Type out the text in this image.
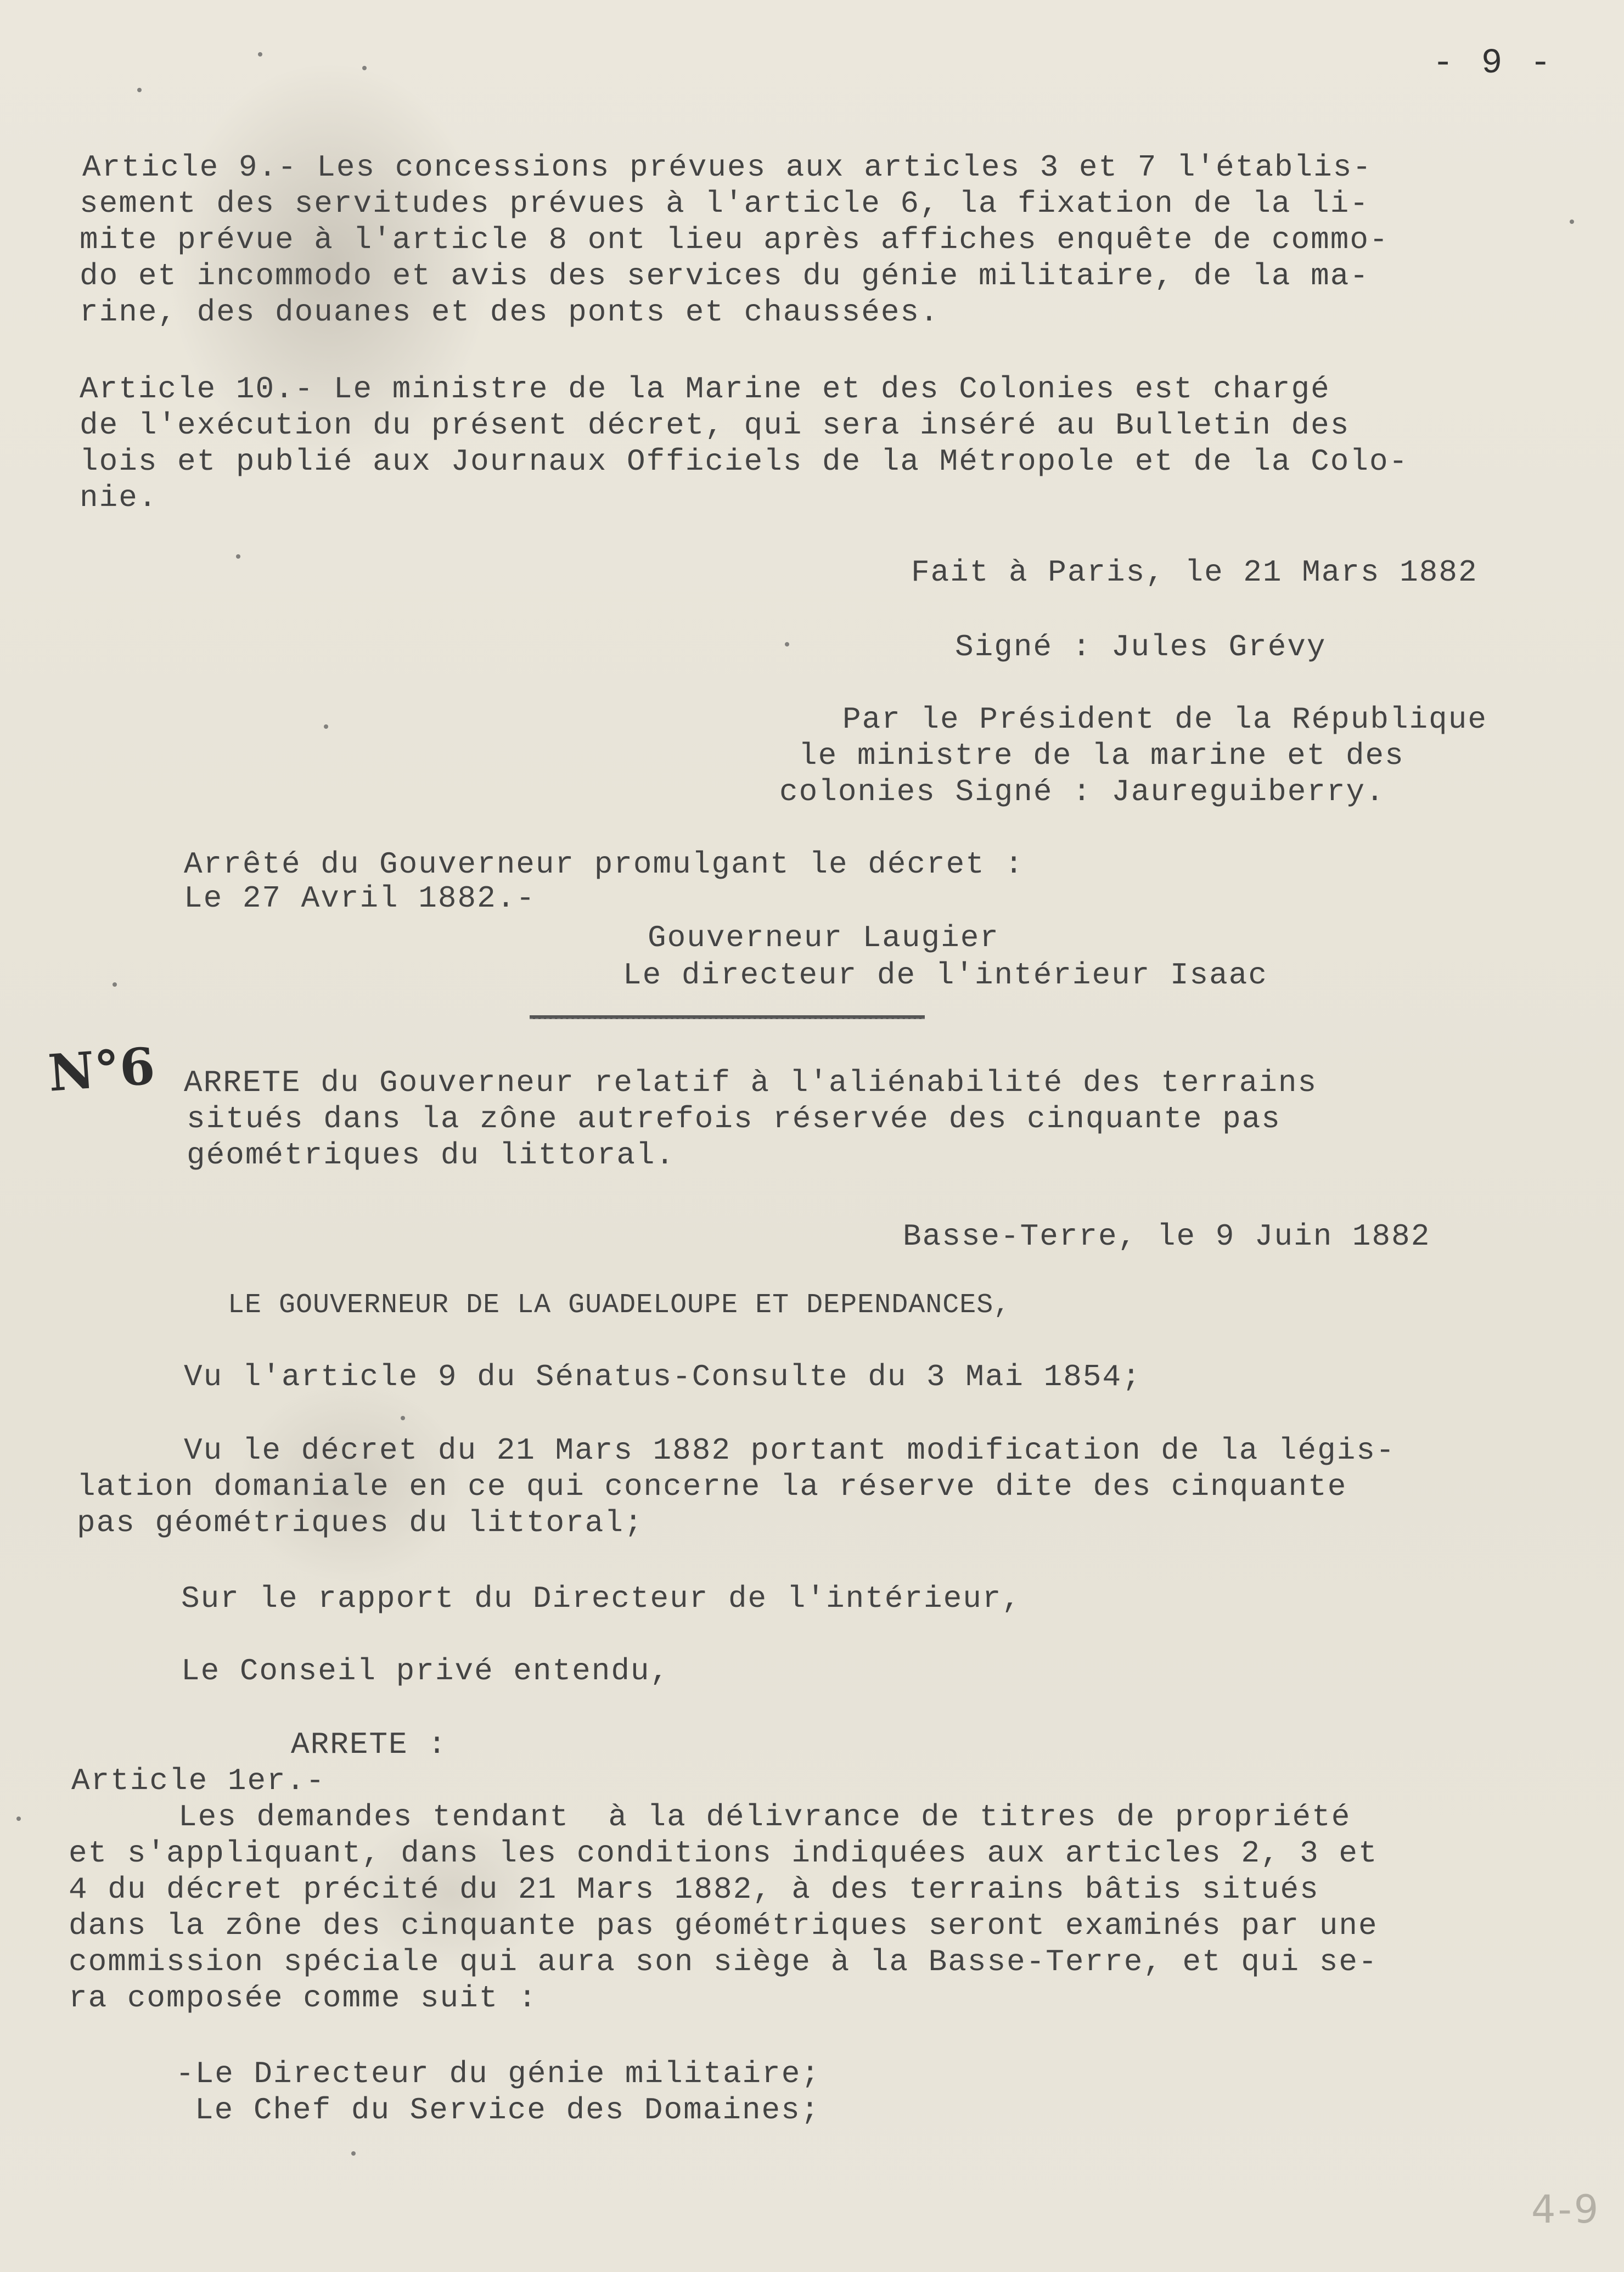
- 9 -

Article 9.- Les concessions prévues aux articles 3 et 7 l'établis-

sement des servitudes prévues à l'article 6, la fixation de la li-

mite prévue à l'article 8 ont lieu après affiches enquête de commo-

do et incommodo et avis des services du génie militaire, de la ma-

rine, des douanes et des ponts et chaussées.

Article 10.- Le ministre de la Marine et des Colonies est chargé

de l'exécution du présent décret, qui sera inséré au Bulletin des

lois et publié aux Journaux Officiels de la Métropole et de la Colo-

nie.

Fait à Paris, le 21 Mars 1882

Signé : Jules Grévy

Par le Président de la République

le ministre de la marine et des

colonies Signé : Jaureguiberry.

Arrêté du Gouverneur promulgant le décret :

Le 27 Avril 1882.-

Gouverneur Laugier

Le directeur de l'intérieur Isaac

N°6 ARRETE du Gouverneur relatif à l'aliénabilité des terrains

situés dans la zône autrefois réservée des cinquante pas

géométriques du littoral.

Basse-Terre, le 9 Juin 1882

LE GOUVERNEUR DE LA GUADELOUPE ET DEPENDANCES,

Vu l'article 9 du Sénatus-Consulte du 3 Mai 1854;

Vu le décret du 21 Mars 1882 portant modification de la légis-

lation domaniale en ce qui concerne la réserve dite des cinquante

pas géométriques du littoral;

Sur le rapport du Directeur de l'intérieur,

Le Conseil privé entendu,

ARRETE :

Article 1er.-

Les demandes tendant  à la délivrance de titres de propriété

et s'appliquant, dans les conditions indiquées aux articles 2, 3 et

4 du décret précité du 21 Mars 1882, à des terrains bâtis situés

dans la zône des cinquante pas géométriques seront examinés par une

commission spéciale qui aura son siège à la Basse-Terre, et qui se-

ra composée comme suit :

-Le Directeur du génie militaire;

Le Chef du Service des Domaines;

4-9
